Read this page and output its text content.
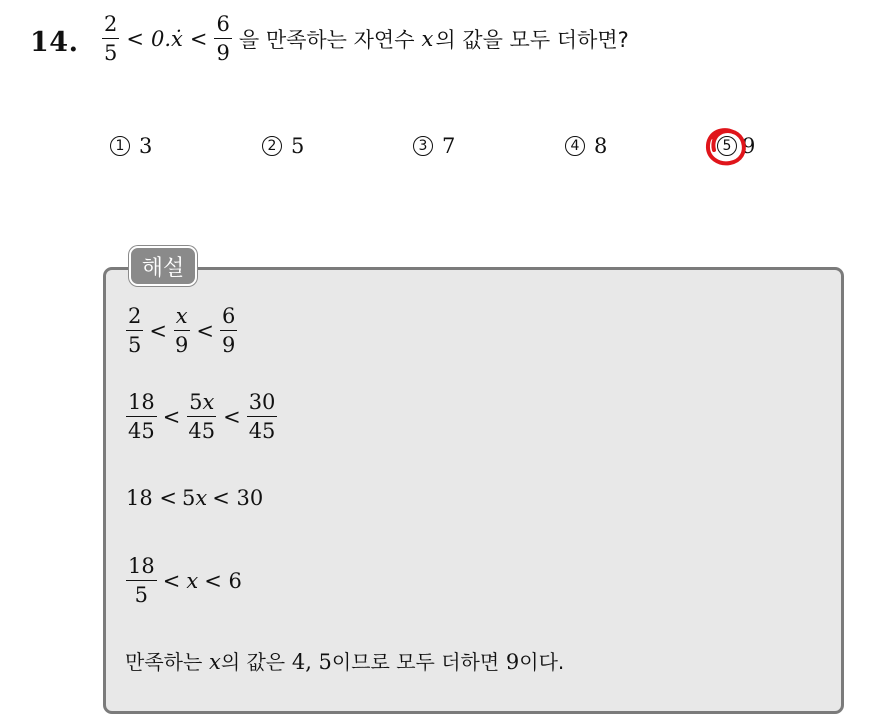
14. $\frac{2}{5}$ < 0.ẋ < $\frac{6}{9}$ 을 만족하는 자연수 x 의 값을 모두 더하면?
1 3	2 5	3 7	4 8	5 9
해설
$\frac{2}{5} < \frac{x}{9} < \frac{6}{9}$
$\frac{18}{45} < \frac{5x}{45} < \frac{30}{45}$
18 < 5 x < 30
$\frac{18}{5} < x < 6$
만족하는 x의 값은 4, 5이므로 모두 더하면 9이다.
